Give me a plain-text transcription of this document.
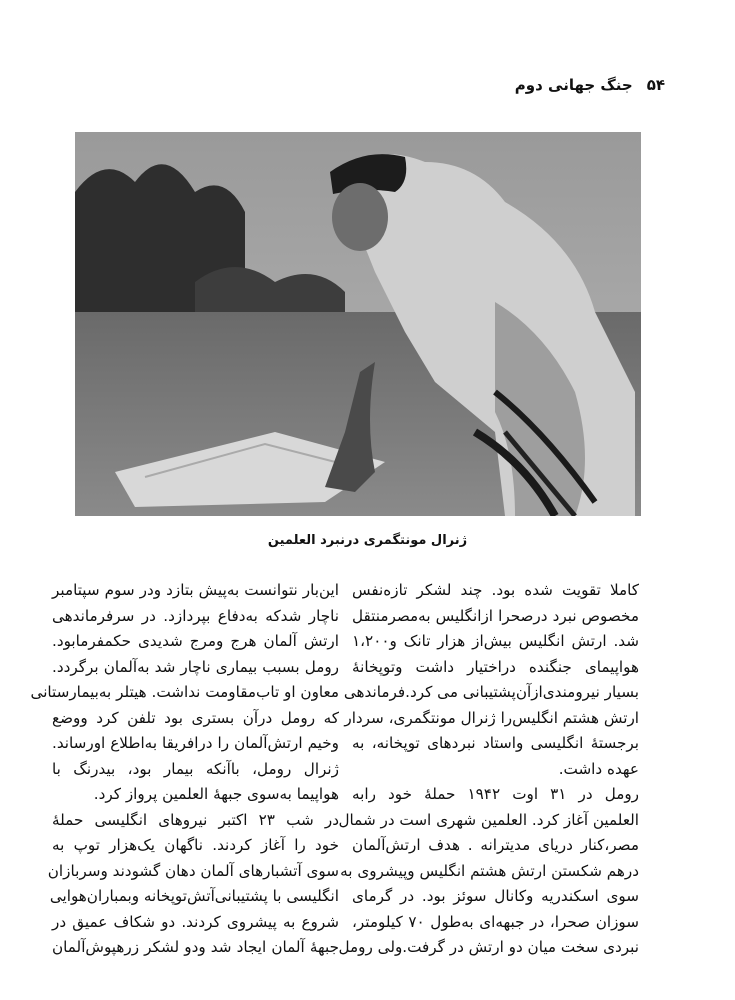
۵۴
جنگ جهانی دوم
ژنرال مونتگمری درنبرد العلمین

کاملا تقویت شده بود. چند لشکر تازه‌نفس

مخصوص نبرد درصحرا ازانگلیس به‌مصرمنتقل

شد. ارتش انگلیس بیش‌از هزار تانک و۱،۲۰۰

هواپیمای جنگنده دراختیار داشت وتوپخانهٔ

بسیار نیرومندی‌ازآن‌پشتیبانی می کرد.فرماندهی

ارتش هشتم انگلیس‌را ژنرال مونتگمری، سردار

برجستهٔ انگلیسی واستاد نبردهای توپخانه، به

عهده داشت.

رومل در ۳۱ اوت ۱۹۴۲ حملهٔ خود رابه

العلمین آغاز کرد. العلمین شهری است در شمال

مصر،کنار دریای مدیترانه . هدف ارتش‌آلمان

درهم شکستن ارتش هشتم انگلیس وپیشروی به

سوی اسکندریه وکانال سوئز بود. در گرمای

سوزان صحرا، در جبهه‌ای به‌طول ۷۰ کیلومتر،

نبردی سخت میان دو ارتش در گرفت.ولی رومل

این‌بار نتوانست به‌پیش بتازد ودر سوم سپتامبر

ناچار شدکه به‌دفاع بپردازد. در سرفرماندهی

ارتش آلمان هرج ومرج شدیدی حکمفرمابود.

رومل بسبب بیماری ناچار شد به‌آلمان برگردد.

معاون او تاب‌مقاومت نداشت. هیتلر به‌بیمارستانی

که رومل درآن بستری بود تلفن کرد ووضع

وخیم ارتش‌آلمان را درافریقا به‌اطلاع اورساند.

ژنرال رومل، باآنکه بیمار بود، بیدرنگ با

هواپیما به‌سوی جبههٔ العلمین پرواز کرد.

در شب ۲۳ اکتبر نیروهای انگلیسی حملهٔ

خود را آغاز کردند. ناگهان یک‌هزار توپ به

سوی آتشبارهای آلمان دهان گشودند وسربازان

انگلیسی با پشتیبانی‌آتش‌توپخانه وبمباران‌هوایی

شروع به پیشروی کردند. دو شکاف عمیق در

جبههٔ آلمان ایجاد شد ودو لشکر زرهپوش‌آلمان
